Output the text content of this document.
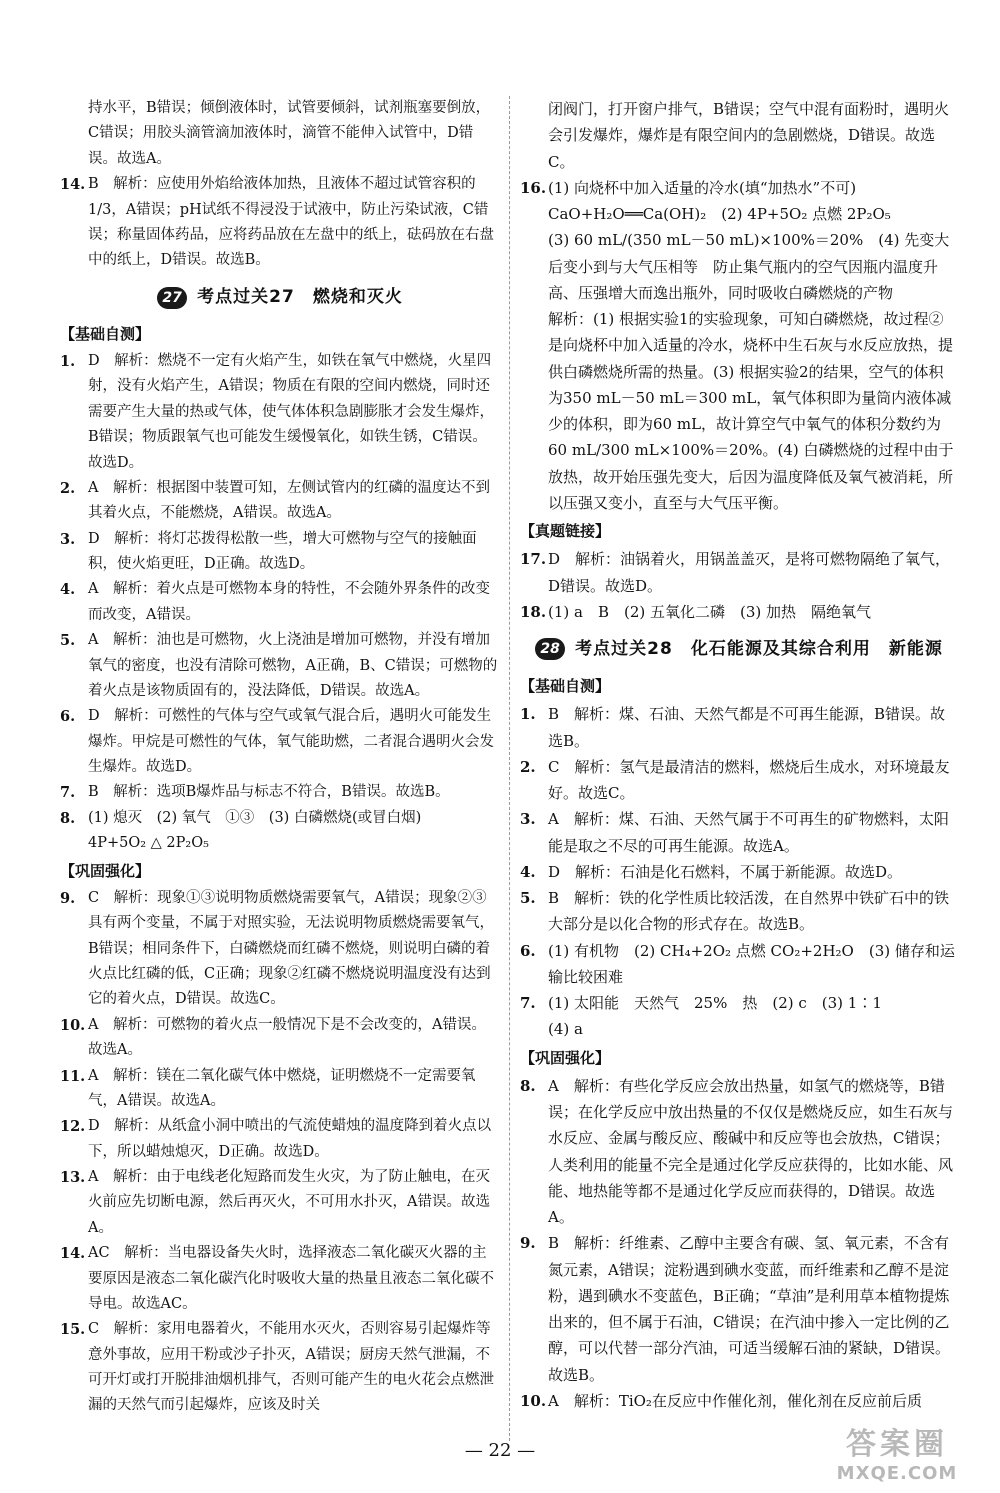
持水平，B错误；倾倒液体时，试管要倾斜，试剂瓶塞要倒放，C错误；用胶头滴管滴加液体时，滴管不能伸入试管中，D错误。故选A。

14. B　解析：应使用外焰给液体加热，且液体不超过试管容积的1/3，A错误；pH试纸不得浸没于试液中，防止污染试液，C错误；称量固体药品，应将药品放在左盘中的纸上，砝码放在右盘中的纸上，D错误。故选B。
27 考点过关27　燃烧和灭火
【基础自测】
1. D　解析：燃烧不一定有火焰产生，如铁在氧气中燃烧，火星四射，没有火焰产生，A错误；物质在有限的空间内燃烧，同时还需要产生大量的热或气体，使气体体积急剧膨胀才会发生爆炸，B错误；物质跟氧气也可能发生缓慢氧化，如铁生锈，C错误。故选D。
2. A　解析：根据图中装置可知，左侧试管内的红磷的温度达不到其着火点，不能燃烧，A错误。故选A。
3. D　解析：将灯芯拨得松散一些，增大可燃物与空气的接触面积，使火焰更旺，D正确。故选D。
4. A　解析：着火点是可燃物本身的特性，不会随外界条件的改变而改变，A错误。
5. A　解析：油也是可燃物，火上浇油是增加可燃物，并没有增加氧气的密度，也没有清除可燃物，A正确，B、C错误；可燃物的着火点是该物质固有的，没法降低，D错误。故选A。
6. D　解析：可燃性的气体与空气或氧气混合后，遇明火可能发生爆炸。甲烷是可燃性的气体，氧气能助燃，二者混合遇明火会发生爆炸。故选D。
7. B　解析：选项B爆炸品与标志不符合，B错误。故选B。
8. (1) 熄灭　(2) 氧气　①③　(3) 白磷燃烧(或冒白烟)

4P+5O₂ △ 2P₂O₅

【巩固强化】
9. C　解析：现象①③说明物质燃烧需要氧气，A错误；现象②③具有两个变量，不属于对照实验，无法说明物质燃烧需要氧气，B错误；相同条件下，白磷燃烧而红磷不燃烧，则说明白磷的着火点比红磷的低，C正确；现象②红磷不燃烧说明温度没有达到它的着火点，D错误。故选C。
10. A　解析：可燃物的着火点一般情况下是不会改变的，A错误。故选A。
11. A　解析：镁在二氧化碳气体中燃烧，证明燃烧不一定需要氧气，A错误。故选A。
12. D　解析：从纸盒小洞中喷出的气流使蜡烛的温度降到着火点以下，所以蜡烛熄灭，D正确。故选D。
13. A　解析：由于电线老化短路而发生火灾，为了防止触电，在灭火前应先切断电源，然后再灭火，不可用水扑灭，A错误。故选A。
14. AC　解析：当电器设备失火时，选择液态二氧化碳灭火器的主要原因是液态二氧化碳汽化时吸收大量的热量且液态二氧化碳不导电。故选AC。
15. C　解析：家用电器着火，不能用水灭火，否则容易引起爆炸等意外事故，应用干粉或沙子扑灭，A错误；厨房天然气泄漏，不可开灯或打开脱排油烟机排气，否则可能产生的电火花会点燃泄漏的天然气而引起爆炸，应该及时关

闭阀门，打开窗户排气，B错误；空气中混有面粉时，遇明火会引发爆炸，爆炸是有限空间内的急剧燃烧，D错误。故选C。

16. (1) 向烧杯中加入适量的冷水(填“加热水”不可)

CaO+H₂O══Ca(OH)₂　(2) 4P+5O₂ 点燃 2P₂O₅

(3) 60 mL/(350 mL－50 mL)×100%＝20%　(4) 先变大后变小到与大气压相等　防止集气瓶内的空气因瓶内温度升高、压强增大而逸出瓶外，同时吸收白磷燃烧的产物

解析：(1) 根据实验1的实验现象，可知白磷燃烧，故过程②是向烧杯中加入适量的冷水，烧杯中生石灰与水反应放热，提供白磷燃烧所需的热量。(3) 根据实验2的结果，空气的体积为350 mL－50 mL＝300 mL，氧气体积即为量筒内液体减少的体积，即为60 mL，故计算空气中氧气的体积分数约为60 mL/300 mL×100%＝20%。(4) 白磷燃烧的过程中由于放热，故开始压强先变大，后因为温度降低及氧气被消耗，所以压强又变小，直至与大气压平衡。

【真题链接】
17. D　解析：油锅着火，用锅盖盖灭，是将可燃物隔绝了氧气，D错误。故选D。
18. (1) a　B　(2) 五氧化二磷　(3) 加热　隔绝氧气
28 考点过关28　化石能源及其综合利用　新能源
【基础自测】
1. B　解析：煤、石油、天然气都是不可再生能源，B错误。故选B。
2. C　解析：氢气是最清洁的燃料，燃烧后生成水，对环境最友好。故选C。
3. A　解析：煤、石油、天然气属于不可再生的矿物燃料，太阳能是取之不尽的可再生能源。故选A。
4. D　解析：石油是化石燃料，不属于新能源。故选D。
5. B　解析：铁的化学性质比较活泼，在自然界中铁矿石中的铁大部分是以化合物的形式存在。故选B。
6. (1) 有机物　(2) CH₄+2O₂ 点燃 CO₂+2H₂O　(3) 储存和运输比较困难
7. (1) 太阳能　天然气　25%　热　(2) c　(3) 1∶1

(4) a

【巩固强化】
8. A　解析：有些化学反应会放出热量，如氢气的燃烧等，B错误；在化学反应中放出热量的不仅仅是燃烧反应，如生石灰与水反应、金属与酸反应、酸碱中和反应等也会放热，C错误；人类利用的能量不完全是通过化学反应获得的，比如水能、风能、地热能等都不是通过化学反应而获得的，D错误。故选A。
9. B　解析：纤维素、乙醇中主要含有碳、氢、氧元素，不含有氮元素，A错误；淀粉遇到碘水变蓝，而纤维素和乙醇不是淀粉，遇到碘水不变蓝色，B正确；“草油”是利用草本植物提炼出来的，但不属于石油，C错误；在汽油中掺入一定比例的乙醇，可以代替一部分汽油，可适当缓解石油的紧缺，D错误。故选B。
10. A　解析：TiO₂在反应中作催化剂，催化剂在反应前后质
— 22 —	答案圈
MXQE.COM
